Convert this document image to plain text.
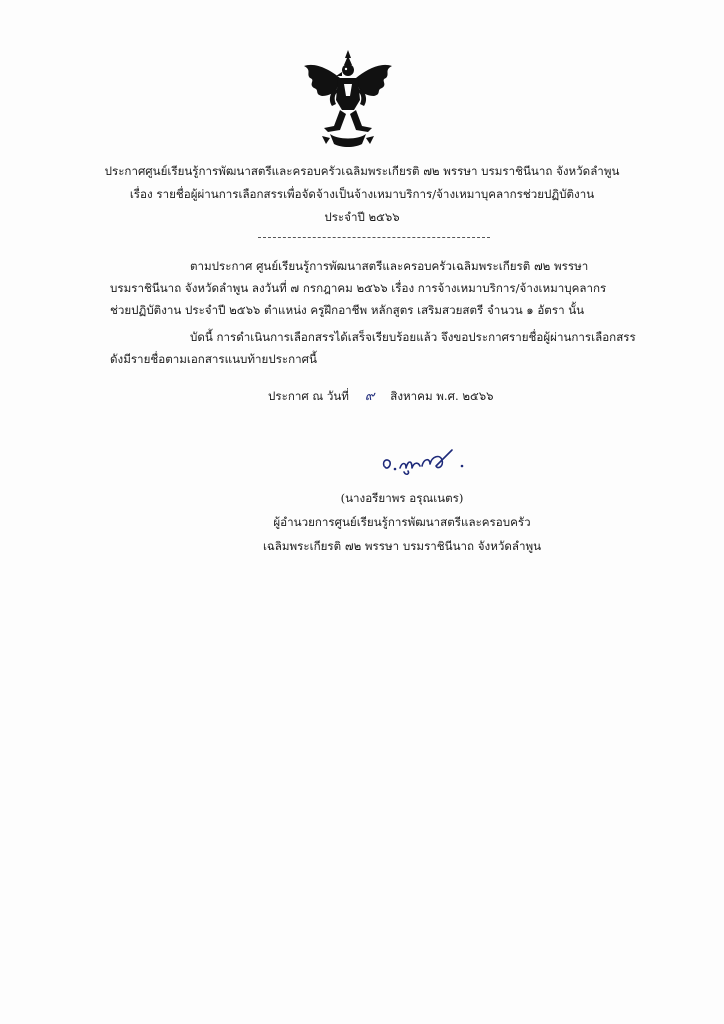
ประกาศศูนย์เรียนรู้การพัฒนาสตรีและครอบครัวเฉลิมพระเกียรติ ๗๒ พรรษา บรมราชินีนาถ จังหวัดลำพูน
เรื่อง รายชื่อผู้ผ่านการเลือกสรรเพื่อจัดจ้างเป็นจ้างเหมาบริการ/จ้างเหมาบุคลากรช่วยปฏิบัติงาน
ประจำปี ๒๕๖๖
ตามประกาศ ศูนย์เรียนรู้การพัฒนาสตรีและครอบครัวเฉลิมพระเกียรติ ๗๒ พรรษา
บรมราชินีนาถ จังหวัดลำพูน ลงวันที่ ๗ กรกฎาคม ๒๕๖๖ เรื่อง การจ้างเหมาบริการ/จ้างเหมาบุคลากร
ช่วยปฏิบัติงาน ประจำปี ๒๕๖๖ ตำแหน่ง ครูฝึกอาชีพ หลักสูตร เสริมสวยสตรี จำนวน ๑ อัตรา นั้น
บัดนี้ การดำเนินการเลือกสรรได้เสร็จเรียบร้อยแล้ว จึงขอประกาศรายชื่อผู้ผ่านการเลือกสรร
ดังมีรายชื่อตามเอกสารแนบท้ายประกาศนี้
ประกาศ ณ วันที่ ๙ สิงหาคม พ.ศ. ๒๕๖๖
(นางอรียาพร อรุณเนตร)
ผู้อำนวยการศูนย์เรียนรู้การพัฒนาสตรีและครอบครัว
เฉลิมพระเกียรติ ๗๒ พรรษา บรมราชินีนาถ จังหวัดลำพูน
